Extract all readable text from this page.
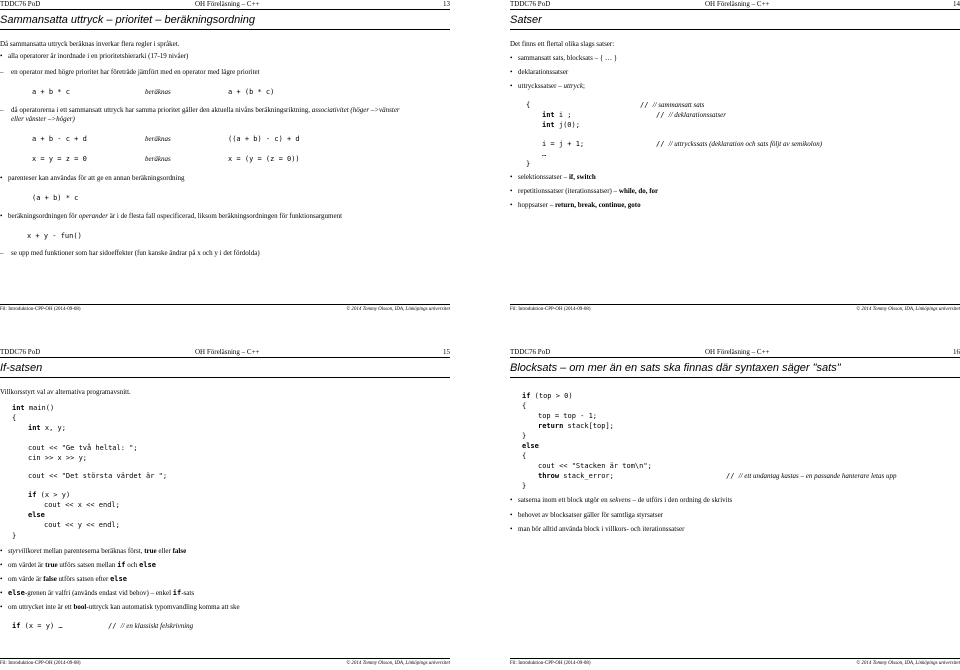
TDDC76 PoD	OH Föreläsning – C++	13
Sammansatta uttryck – prioritet – beräkningsordning
Då sammansatta uttryck beräknas inverkar flera regler i språket.
• alla operatorer är inordnade i en prioritetshierarki (17-19 nivåer)
– en operator med högre prioritet har företräde jämfört med en operator med lägre prioritet
a + b * c	beräknas	a + (b * c)
– då operatorerna i ett sammansatt uttryck har samma prioritet gäller den aktuella nivåns beräkningsriktning, associativitet (höger –>vänster
eller vänster –>höger)
a + b - c + d	beräknas	((a + b) - c) + d
x = y = z = 0	beräknas	x = (y = (z = 0))
• parenteser kan användas för att ge en annan beräkningsordning
(a + b) * c
• beräkningsordningen för operander är i de flesta fall ospecificerad, liksom beräkningsordningen för funktionsargument
x + y - fun()
– se upp med funktioner som har sidoeffekter (fun kanske ändrar på x och y i det fördolda)
Fil: Introduktion-CPP-OH (2014-09-08)	© 2014 Tommy Olsson, IDA, Linköpings universitet
TDDC76 PoD	OH Föreläsning – C++	14
Satser
Det finns ett flertal olika slags satser:
• sammansatt sats, blocksats – { … }
• deklarationssatser
• uttryckssatser – uttryck;
{	// // sammansatt sats
int i ;	// // deklarationssatser
int j(0);
i = j + 1;	// // uttryckssats (deklaration och sats följt av semikolon)
…
}
• selektionssatser – if, switch
• repetitionssatser (iterationssatser) – while, do, for
• hoppsatser – return, break, continue, goto
Fil: Introduktion-CPP-OH (2014-09-08)	© 2014 Tommy Olsson, IDA, Linköpings universitet
TDDC76 PoD	OH Föreläsning – C++	15
If-satsen
Villkorsstyrt val av alternativa programavsnitt.
int main()
{
int x, y;
cout << "Ge två heltal: ";
cin >> x >> y;
cout << "Det största värdet är ";
if (x > y)
cout << x << endl;
else
cout << y << endl;
}
• styrvillkoret mellan parenteserna beräknas först, true eller false
• om värdet är true utförs satsen mellan if och else
• om värde är false utförs satsen efter else
• else-grenen är valfri (används endast vid behov) – enkel if-sats
• om uttrycket inte är ett bool-uttryck kan automatisk typomvandling komma att ske
if (x = y) …	// // en klassiskt felskrivning
Fil: Introduktion-CPP-OH (2014-09-08)	© 2014 Tommy Olsson, IDA, Linköpings universitet
TDDC76 PoD	OH Föreläsning – C++	16
Blocksats – om mer än en sats ska finnas där syntaxen säger "sats"
if (top > 0)
{
top = top - 1;
return stack[top];
}
else
{
cout << "Stacken är tom\n";
throw stack_error;	// // ett undantag kastas – en passande hanterare letas upp
}
• satserna inom ett block utgör en sekvens – de utförs i den ordning de skrivits
• behovet av blocksatser gäller för samtliga styrsatser
• man bör alltid använda block i villkors- och iterationssatser
Fil: Introduktion-CPP-OH (2014-09-08)	© 2014 Tommy Olsson, IDA, Linköpings universitet
